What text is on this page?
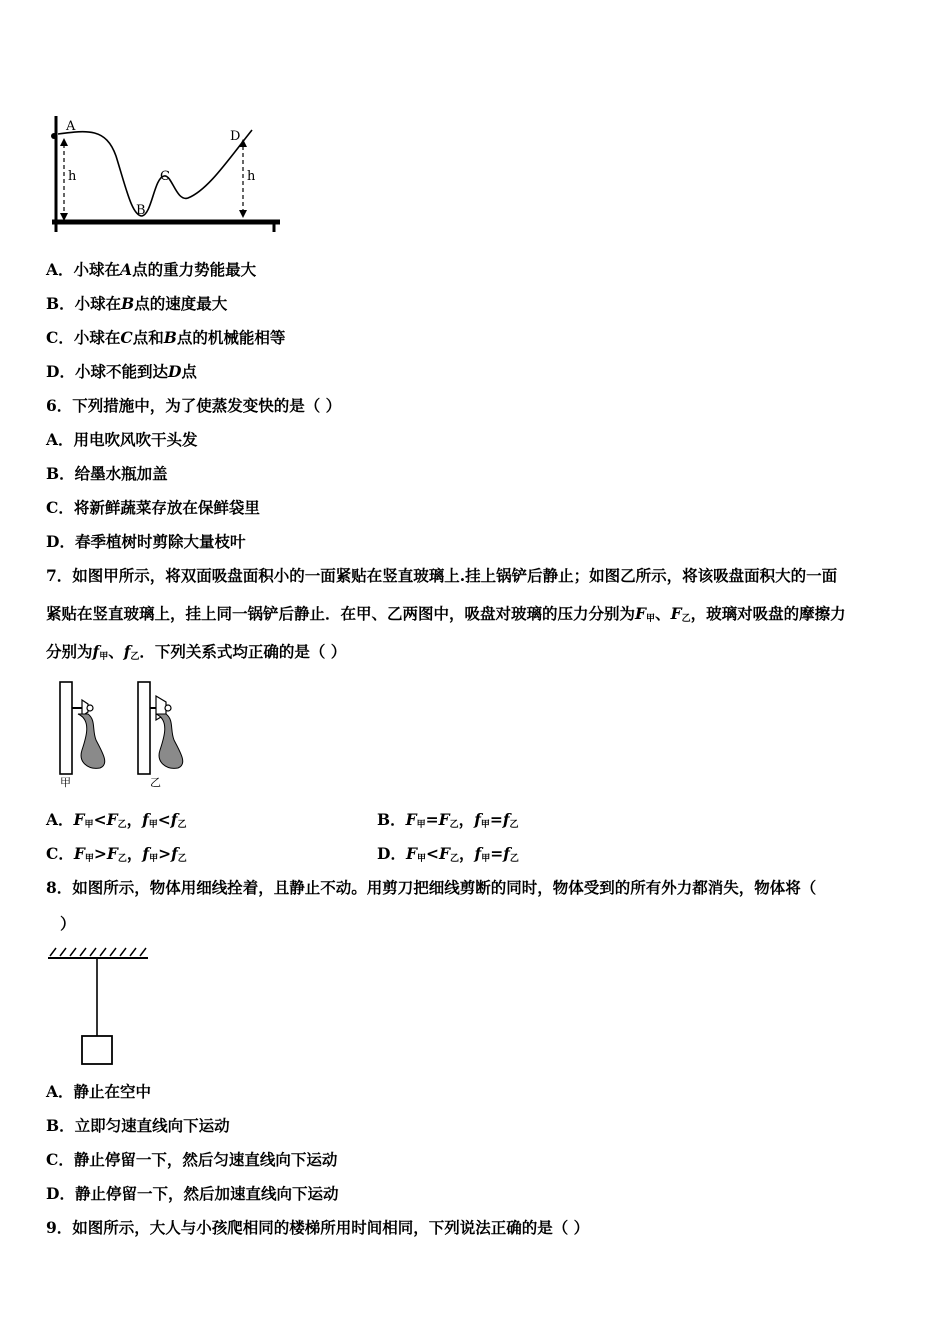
A
B
C
D
h	h
A．小球在A点的重力势能最大
B．小球在B点的速度最大
C．小球在C点和B点的机械能相等
D．小球不能到达D点
6．下列措施中，为了使蒸发变快的是（ ）
A．用电吹风吹干头发
B．给墨水瓶加盖
C．将新鲜蔬菜存放在保鲜袋里
D．春季植树时剪除大量枝叶
7．如图甲所示，将双面吸盘面积小的一面紧贴在竖直玻璃上.挂上锅铲后静止；如图乙所示，将该吸盘面积大的一面
紧贴在竖直玻璃上，挂上同一锅铲后静止．在甲、乙两图中，吸盘对玻璃的压力分别为$F_甲$、$F_乙$，玻璃对吸盘的摩擦力
分别为$f_甲$、$f_乙$．下列关系式均正确的是（ ）
甲	乙
A．$F_甲<F_乙$，$f_甲<f_乙$	B．$F_甲=F_乙$，$f_甲=f_乙$
C．$F_甲>F_乙$，$f_甲>f_乙$	D．$F_甲<F_乙$，$f_甲=f_乙$
8．如图所示，物体用细线拴着，且静止不动。用剪刀把细线剪断的同时，物体受到的所有外力都消失，物体将（
）
A．静止在空中
B．立即匀速直线向下运动
C．静止停留一下，然后匀速直线向下运动
D．静止停留一下，然后加速直线向下运动
9．如图所示，大人与小孩爬相同的楼梯所用时间相同，下列说法正确的是（ ）
